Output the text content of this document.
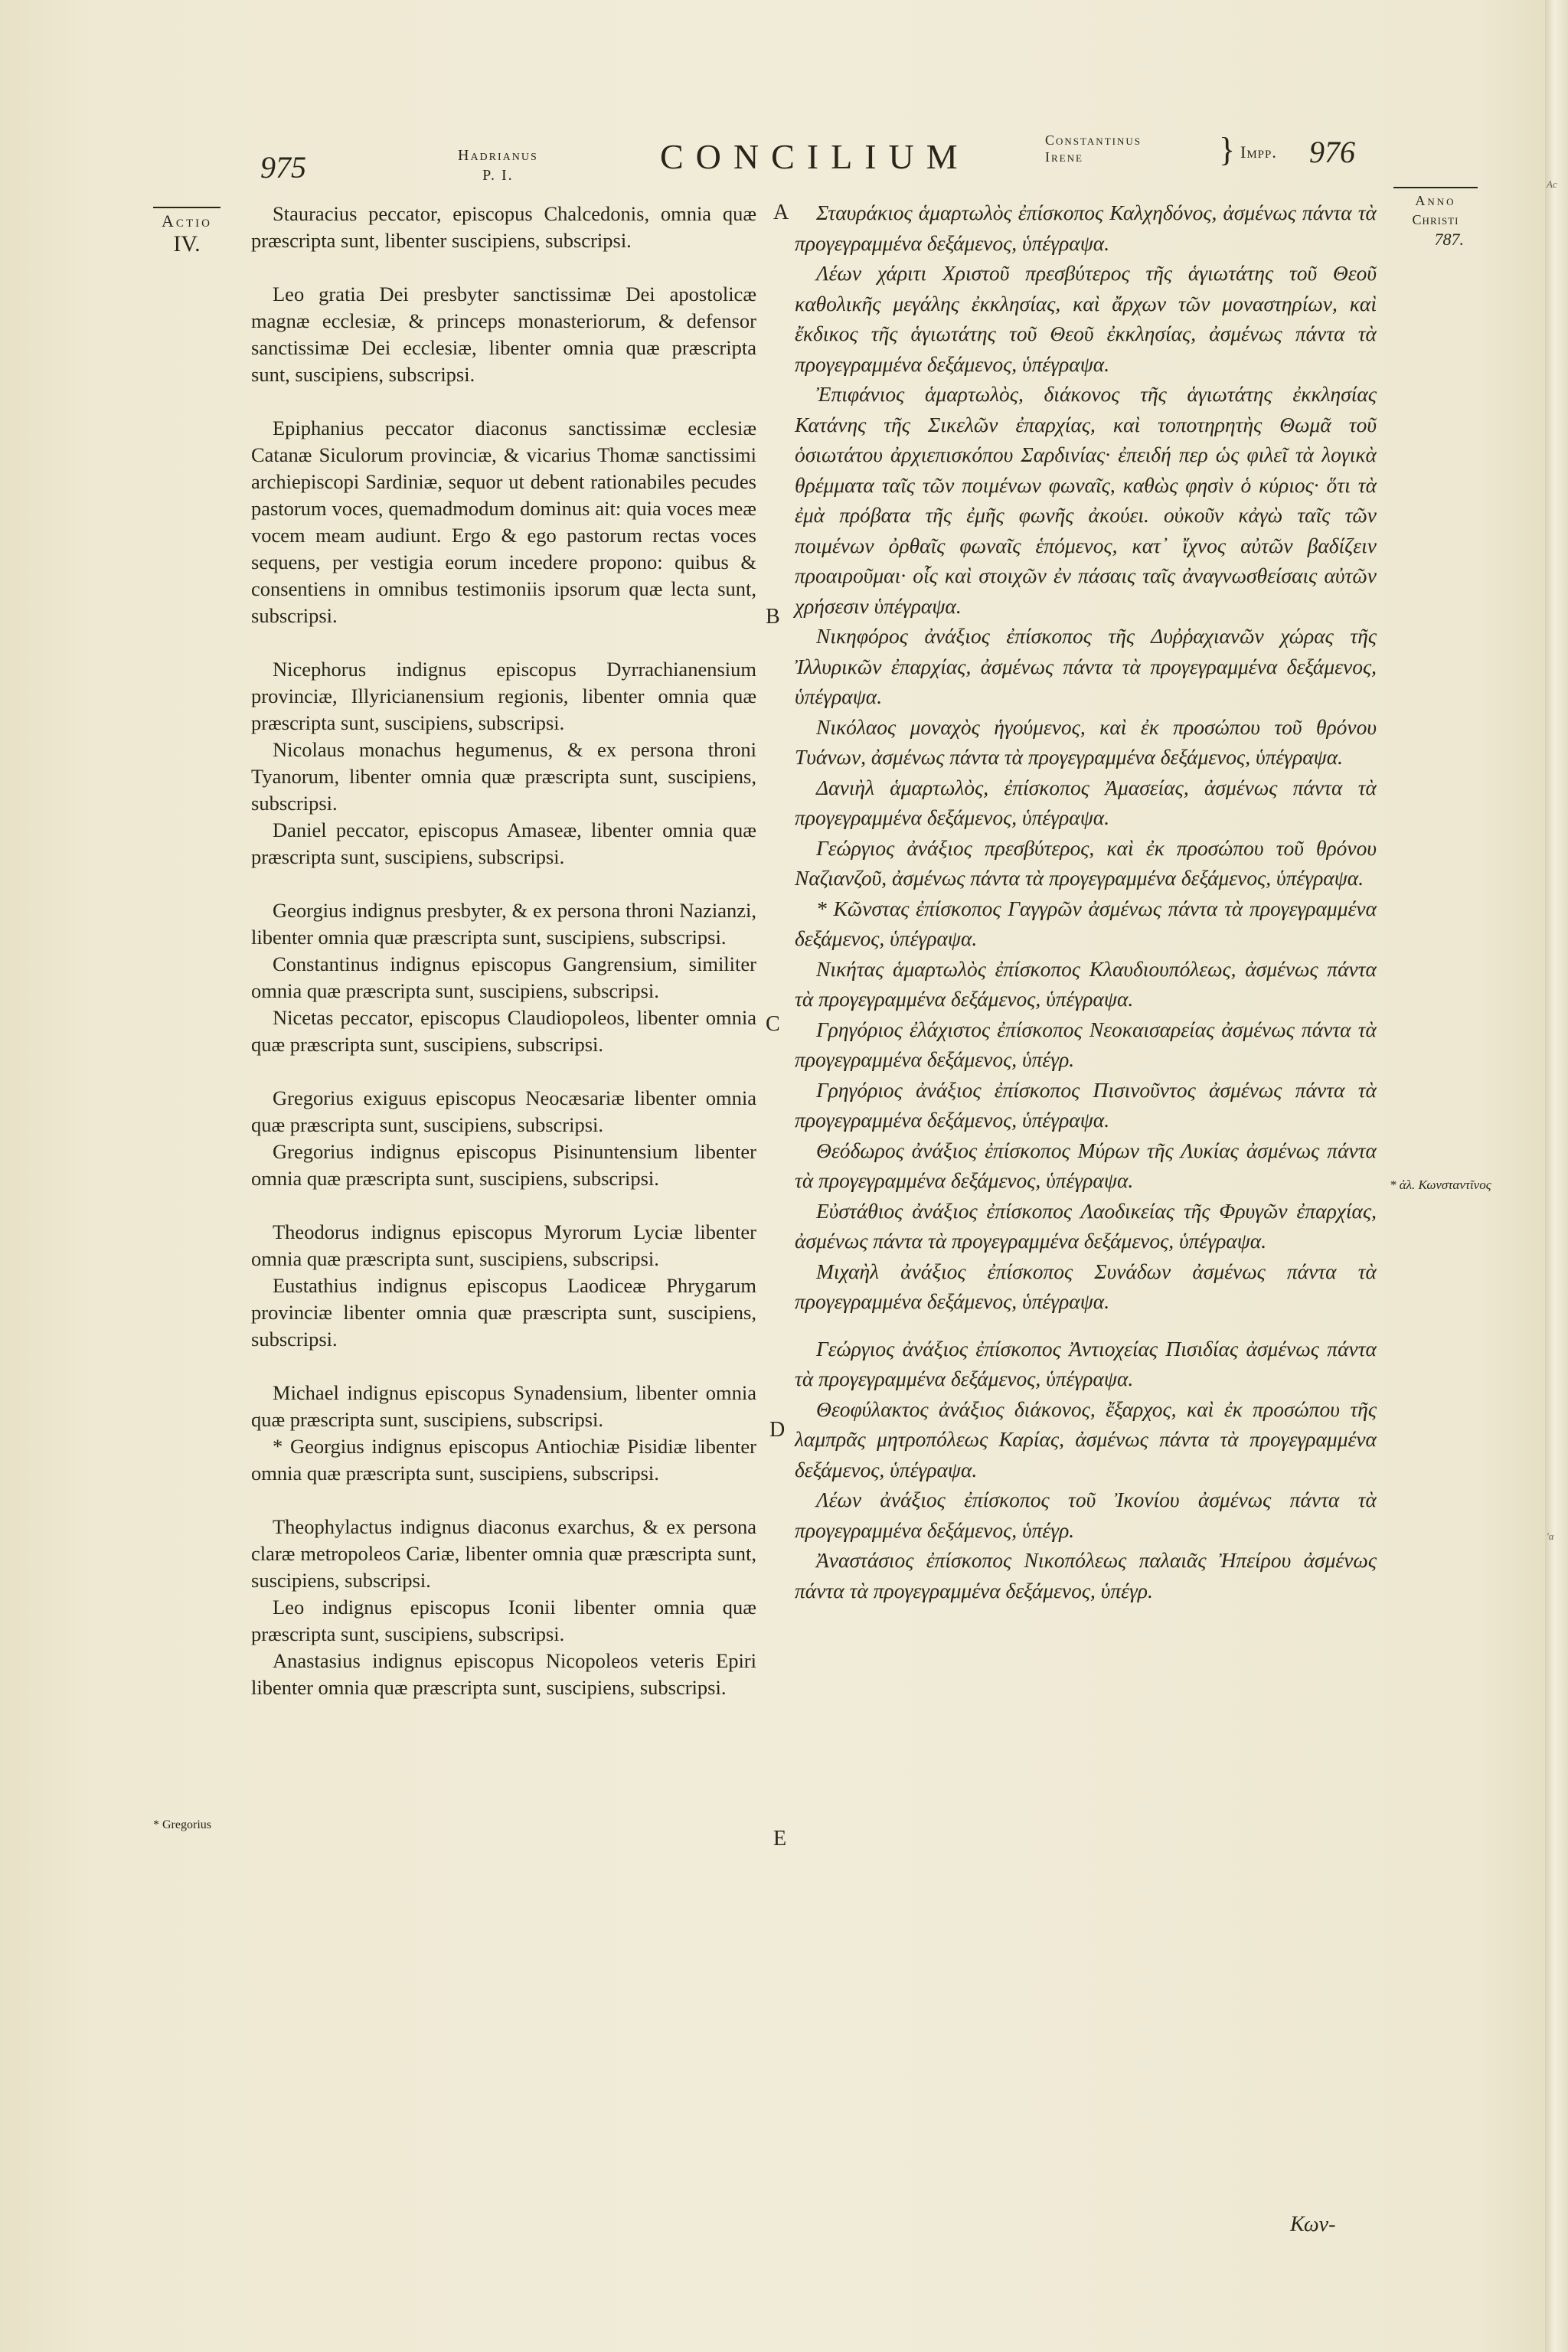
Ac
'α
975	Hadrianus
P. I.	CONCILIUM	Constantinus
Irene	} Impp. 976
Actio
IV.
Anno
Christi
787.
A
B
C
D
E
* Gregorius
* ἀλ. Κωνσταντῖνος

Stauracius peccator, episcopus Chalcedonis, omnia quæ præscripta sunt, libenter suscipiens, subscripsi.

Leo gratia Dei presbyter sanctissimæ Dei apostolicæ magnæ ecclesiæ, & princeps monasteriorum, & defensor sanctissimæ Dei ecclesiæ, libenter omnia quæ præscripta sunt, suscipiens, subscripsi.

Epiphanius peccator diaconus sanctissimæ ecclesiæ Catanæ Siculorum provinciæ, & vicarius Thomæ sanctissimi archiepiscopi Sardiniæ, sequor ut debent rationabiles pecudes pastorum voces, quemadmodum dominus ait: quia voces meæ vocem meam audiunt. Ergo & ego pastorum rectas voces sequens, per vestigia eorum incedere propono: quibus & consentiens in omnibus testimoniis ipsorum quæ lecta sunt, subscripsi.

Nicephorus indignus episcopus Dyrrachianensium provinciæ, Illyricianensium regionis, libenter omnia quæ præscripta sunt, suscipiens, subscripsi.

Nicolaus monachus hegumenus, & ex persona throni Tyanorum, libenter omnia quæ præscripta sunt, suscipiens, subscripsi.

Daniel peccator, episcopus Amaseæ, libenter omnia quæ præscripta sunt, suscipiens, subscripsi.

Georgius indignus presbyter, & ex persona throni Nazianzi, libenter omnia quæ præscripta sunt, suscipiens, subscripsi.

Constantinus indignus episcopus Gangrensium, similiter omnia quæ præscripta sunt, suscipiens, subscripsi.

Nicetas peccator, episcopus Claudiopoleos, libenter omnia quæ præscripta sunt, suscipiens, subscripsi.

Gregorius exiguus episcopus Neocæsariæ libenter omnia quæ præscripta sunt, suscipiens, subscripsi.

Gregorius indignus episcopus Pisinuntensium libenter omnia quæ præscripta sunt, suscipiens, subscripsi.

Theodorus indignus episcopus Myrorum Lyciæ libenter omnia quæ præscripta sunt, suscipiens, subscripsi.

Eustathius indignus episcopus Laodiceæ Phrygarum provinciæ libenter omnia quæ præscripta sunt, suscipiens, subscripsi.

Michael indignus episcopus Synadensium, libenter omnia quæ præscripta sunt, suscipiens, subscripsi.

* Georgius indignus episcopus Antiochiæ Pisidiæ libenter omnia quæ præscripta sunt, suscipiens, subscripsi.

Theophylactus indignus diaconus exarchus, & ex persona claræ metropoleos Cariæ, libenter omnia quæ præscripta sunt, suscipiens, subscripsi.

Leo indignus episcopus Iconii libenter omnia quæ præscripta sunt, suscipiens, subscripsi.

Anastasius indignus episcopus Nicopoleos veteris Epiri libenter omnia quæ præscripta sunt, suscipiens, subscripsi.

Σταυράκιος ἁμαρτωλὸς ἐπίσκοπος Καλχηδόνος, ἀσμένως πάντα τὰ προγεγραμμένα δεξάμενος, ὑπέγραψα.

Λέων χάριτι Χριστοῦ πρεσβύτερος τῆς ἁγιωτάτης τοῦ Θεοῦ καθολικῆς μεγάλης ἐκκλησίας, καὶ ἄρχων τῶν μοναστηρίων, καὶ ἔκδικος τῆς ἁγιωτάτης τοῦ Θεοῦ ἐκκλησίας, ἀσμένως πάντα τὰ προγεγραμμένα δεξάμενος, ὑπέγραψα.

Ἐπιφάνιος ἁμαρτωλὸς, διάκονος τῆς ἁγιωτάτης ἐκκλησίας Κατάνης τῆς Σικελῶν ἐπαρχίας, καὶ τοποτηρητὴς Θωμᾶ τοῦ ὁσιωτάτου ἀρχιεπισκόπου Σαρδινίας· ἐπειδή περ ὡς φιλεῖ τὰ λογικὰ θρέμματα ταῖς τῶν ποιμένων φωναῖς, καθὼς φησὶν ὁ κύριος· ὅτι τὰ ἐμὰ πρόβατα τῆς ἐμῆς φωνῆς ἀκούει. οὐκοῦν κἀγὼ ταῖς τῶν ποιμένων ὀρθαῖς φωναῖς ἑπόμενος, κατ᾽ ἴχνος αὐτῶν βαδίζειν προαιροῦμαι· οἷς καὶ στοιχῶν ἐν πάσαις ταῖς ἀναγνωσθείσαις αὐτῶν χρήσεσιν ὑπέγραψα.

Νικηφόρος ἀνάξιος ἐπίσκοπος τῆς Δυῤῥαχιανῶν χώρας τῆς Ἰλλυρικῶν ἐπαρχίας, ἀσμένως πάντα τὰ προγεγραμμένα δεξάμενος, ὑπέγραψα.

Νικόλαος μοναχὸς ἡγούμενος, καὶ ἐκ προσώπου τοῦ θρόνου Τυάνων, ἀσμένως πάντα τὰ προγεγραμμένα δεξάμενος, ὑπέγραψα.

Δανιὴλ ἁμαρτωλὸς, ἐπίσκοπος Ἀμασείας, ἀσμένως πάντα τὰ προγεγραμμένα δεξάμενος, ὑπέγραψα.

Γεώργιος ἀνάξιος πρεσβύτερος, καὶ ἐκ προσώπου τοῦ θρόνου Ναζιανζοῦ, ἀσμένως πάντα τὰ προγεγραμμένα δεξάμενος, ὑπέγραψα.

* Κῶνστας ἐπίσκοπος Γαγγρῶν ἀσμένως πάντα τὰ προγεγραμμένα δεξάμενος, ὑπέγραψα.

Νικήτας ἁμαρτωλὸς ἐπίσκοπος Κλαυδιουπόλεως, ἀσμένως πάντα τὰ προγεγραμμένα δεξάμενος, ὑπέγραψα.

Γρηγόριος ἐλάχιστος ἐπίσκοπος Νεοκαισαρείας ἀσμένως πάντα τὰ προγεγραμμένα δεξάμενος, ὑπέγρ.

Γρηγόριος ἀνάξιος ἐπίσκοπος Πισινοῦντος ἀσμένως πάντα τὰ προγεγραμμένα δεξάμενος, ὑπέγραψα.

Θεόδωρος ἀνάξιος ἐπίσκοπος Μύρων τῆς Λυκίας ἀσμένως πάντα τὰ προγεγραμμένα δεξάμενος, ὑπέγραψα.

Εὐστάθιος ἀνάξιος ἐπίσκοπος Λαοδικείας τῆς Φρυγῶν ἐπαρχίας, ἀσμένως πάντα τὰ προγεγραμμένα δεξάμενος, ὑπέγραψα.

Μιχαὴλ ἀνάξιος ἐπίσκοπος Συνάδων ἀσμένως πάντα τὰ προγεγραμμένα δεξάμενος, ὑπέγραψα.

Γεώργιος ἀνάξιος ἐπίσκοπος Ἀντιοχείας Πισιδίας ἀσμένως πάντα τὰ προγεγραμμένα δεξάμενος, ὑπέγραψα.

Θεοφύλακτος ἀνάξιος διάκονος, ἔξαρχος, καὶ ἐκ προσώπου τῆς λαμπρᾶς μητροπόλεως Καρίας, ἀσμένως πάντα τὰ προγεγραμμένα δεξάμενος, ὑπέγραψα.

Λέων ἀνάξιος ἐπίσκοπος τοῦ Ἰκονίου ἀσμένως πάντα τὰ προγεγραμμένα δεξάμενος, ὑπέγρ.

Ἀναστάσιος ἐπίσκοπος Νικοπόλεως παλαιᾶς Ἠπείρου ἀσμένως πάντα τὰ προγεγραμμένα δεξάμενος, ὑπέγρ.

Κων-
